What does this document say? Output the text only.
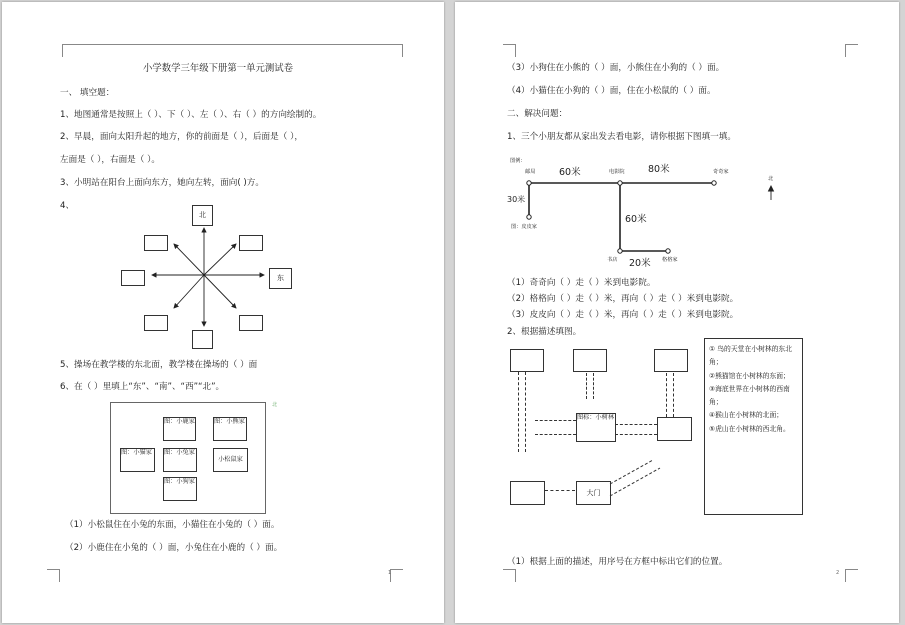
小学数学三年级下册第一单元测试卷
一、 填空题：
1、地图通常是按照上（ ）、下（ ）、左（ ）、右（ ）的方向绘制的。
2、早晨，面向太阳升起的地方，你的前面是（ ），后面是（ ），
左面是（ ），右面是（ ）。
3、小明站在阳台上面向东方，她向左转，面向( )方。
4、
北
东
5、操场在教学楼的东北面，教学楼在操场的（ ）面
6、在（ ）里填上“东”、“南”、“西”“北”。
北
图：小鹿家	图：小熊家
图：小猫家	图：小兔家
小松鼠家
图：小狗家
（1）小松鼠住在小兔的东面，小猫住在小兔的（ ）面。
（2）小鹿住在小兔的（ ）面，小兔住在小鹿的（ ）面。
1
（3）小狗住在小熊的（ ）面，小熊住在小狗的（ ）面。
（4）小猫住在小狗的（ ）面，住在小松鼠的（ ）面。
二、解决问题：
1、三个小朋友都从家出发去看电影，请你根据下图填一填。
图例：
邮局	电影院	奇奇家
图：皮皮家
书店	格格家
60米	80米
30米
60米
20米
北
（1）奇奇向（ ）走（ ）米到电影院。
（2）格格向（ ）走（ ）米，再向（ ）走（ ）米到电影院。
（3）皮皮向（ ）走（ ）米，再向（ ）走（ ）米到电影院。
2、根据描述填图。
图标：小树林
大门
① 鸟的天堂在小树林的东北角；
②熊猫馆在小树林的东面；
③海底世界在小树林的西南角；
④猴山在小树林的北面；
⑤虎山在小树林的西北角。
（1）根据上面的描述，用序号在方框中标出它们的位置。
2
